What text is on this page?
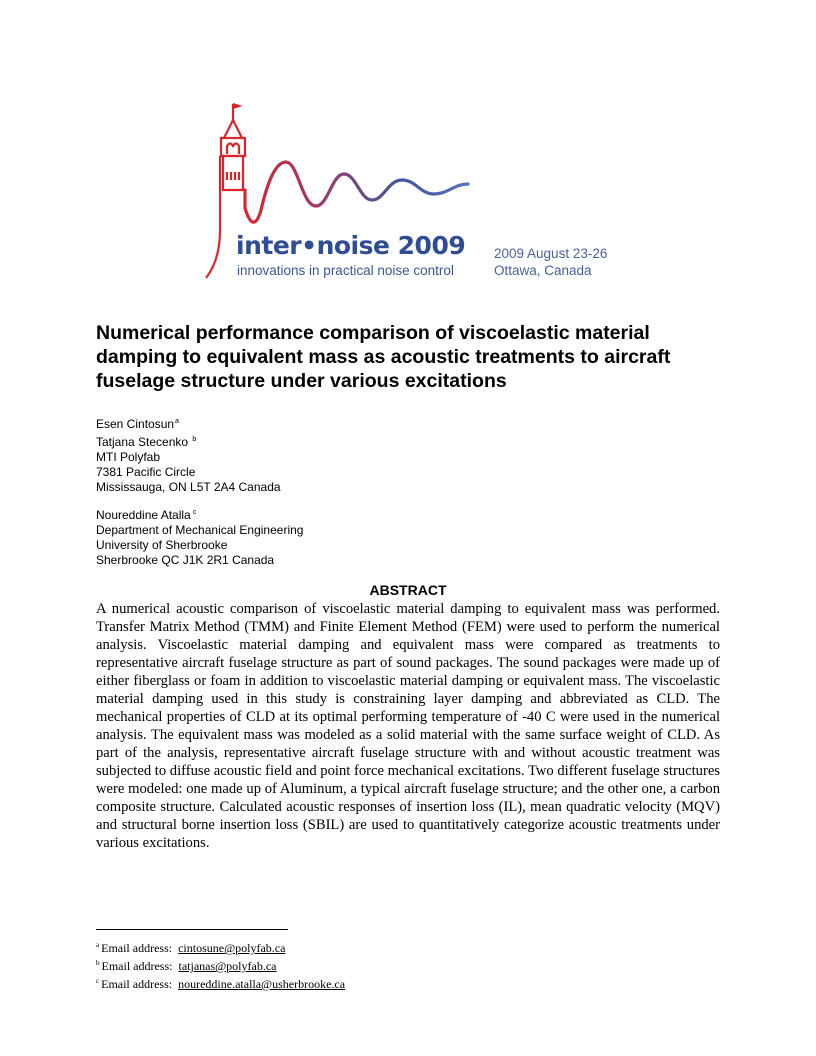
inter•noise 2009
innovations in practical noise control
2009 August 23-26
Ottawa, Canada
Numerical performance comparison of viscoelastic material damping to equivalent mass as acoustic treatments to aircraft fuselage structure under various excitations
Esen Cintosun$^a$
Tatjana Stecenko $^b$
MTI Polyfab
7381 Pacific Circle
Mississauga, ON L5T 2A4 Canada
Noureddine Atalla $^c$
Department of Mechanical Engineering
University of Sherbrooke
Sherbrooke QC J1K 2R1 Canada
ABSTRACT

A numerical acoustic comparison of viscoelastic material damping to equivalent mass was performed. Transfer Matrix Method (TMM) and Finite Element Method (FEM) were used to perform the numerical analysis. Viscoelastic material damping and equivalent mass were compared as treatments to representative aircraft fuselage structure as part of sound packages. The sound packages were made up of either fiberglass or foam in addition to viscoelastic material damping or equivalent mass. The viscoelastic material damping used in this study is constraining layer damping and abbreviated as CLD. The mechanical properties of CLD at its optimal performing temperature of -40 C were used in the numerical analysis. The equivalent mass was modeled as a solid material with the same surface weight of CLD. As part of the analysis, representative aircraft fuselage structure with and without acoustic treatment was subjected to diffuse acoustic field and point force mechanical excitations. Two different fuselage structures were modeled: one made up of Aluminum, a typical aircraft fuselage structure; and the other one, a carbon composite structure. Calculated acoustic responses of insertion loss (IL), mean quadratic velocity (MQV) and structural borne insertion loss (SBIL) are used to quantitatively categorize acoustic treatments under various excitations.

$^a$ Email address: cintosune@polyfab.ca
$^b$ Email address: tatjanas@polyfab.ca
$^c$ Email address: noureddine.atalla@usherbrooke.ca
